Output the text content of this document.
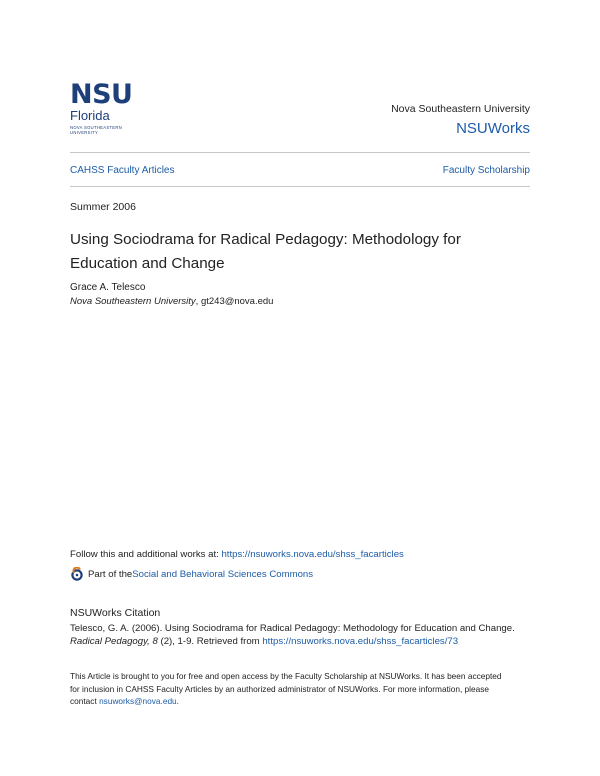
NSU
Florida
NOVA SOUTHEASTERN
UNIVERSITY
Nova Southeastern University
NSUWorks
CAHSS Faculty Articles	Faculty Scholarship
Summer 2006
Using Sociodrama for Radical Pedagogy: Methodology for Education and Change
Grace A. Telesco
Nova Southeastern University, gt243@nova.edu
Follow this and additional works at: https://nsuworks.nova.edu/shss_facarticles
Part of the Social and Behavioral Sciences Commons
NSUWorks Citation
Telesco, G. A. (2006). Using Sociodrama for Radical Pedagogy: Methodology for Education and Change. Radical Pedagogy, 8 (2), 1-9. Retrieved from https://nsuworks.nova.edu/shss_facarticles/73
This Article is brought to you for free and open access by the Faculty Scholarship at NSUWorks. It has been accepted for inclusion in CAHSS Faculty Articles by an authorized administrator of NSUWorks. For more information, please contact nsuworks@nova.edu.
